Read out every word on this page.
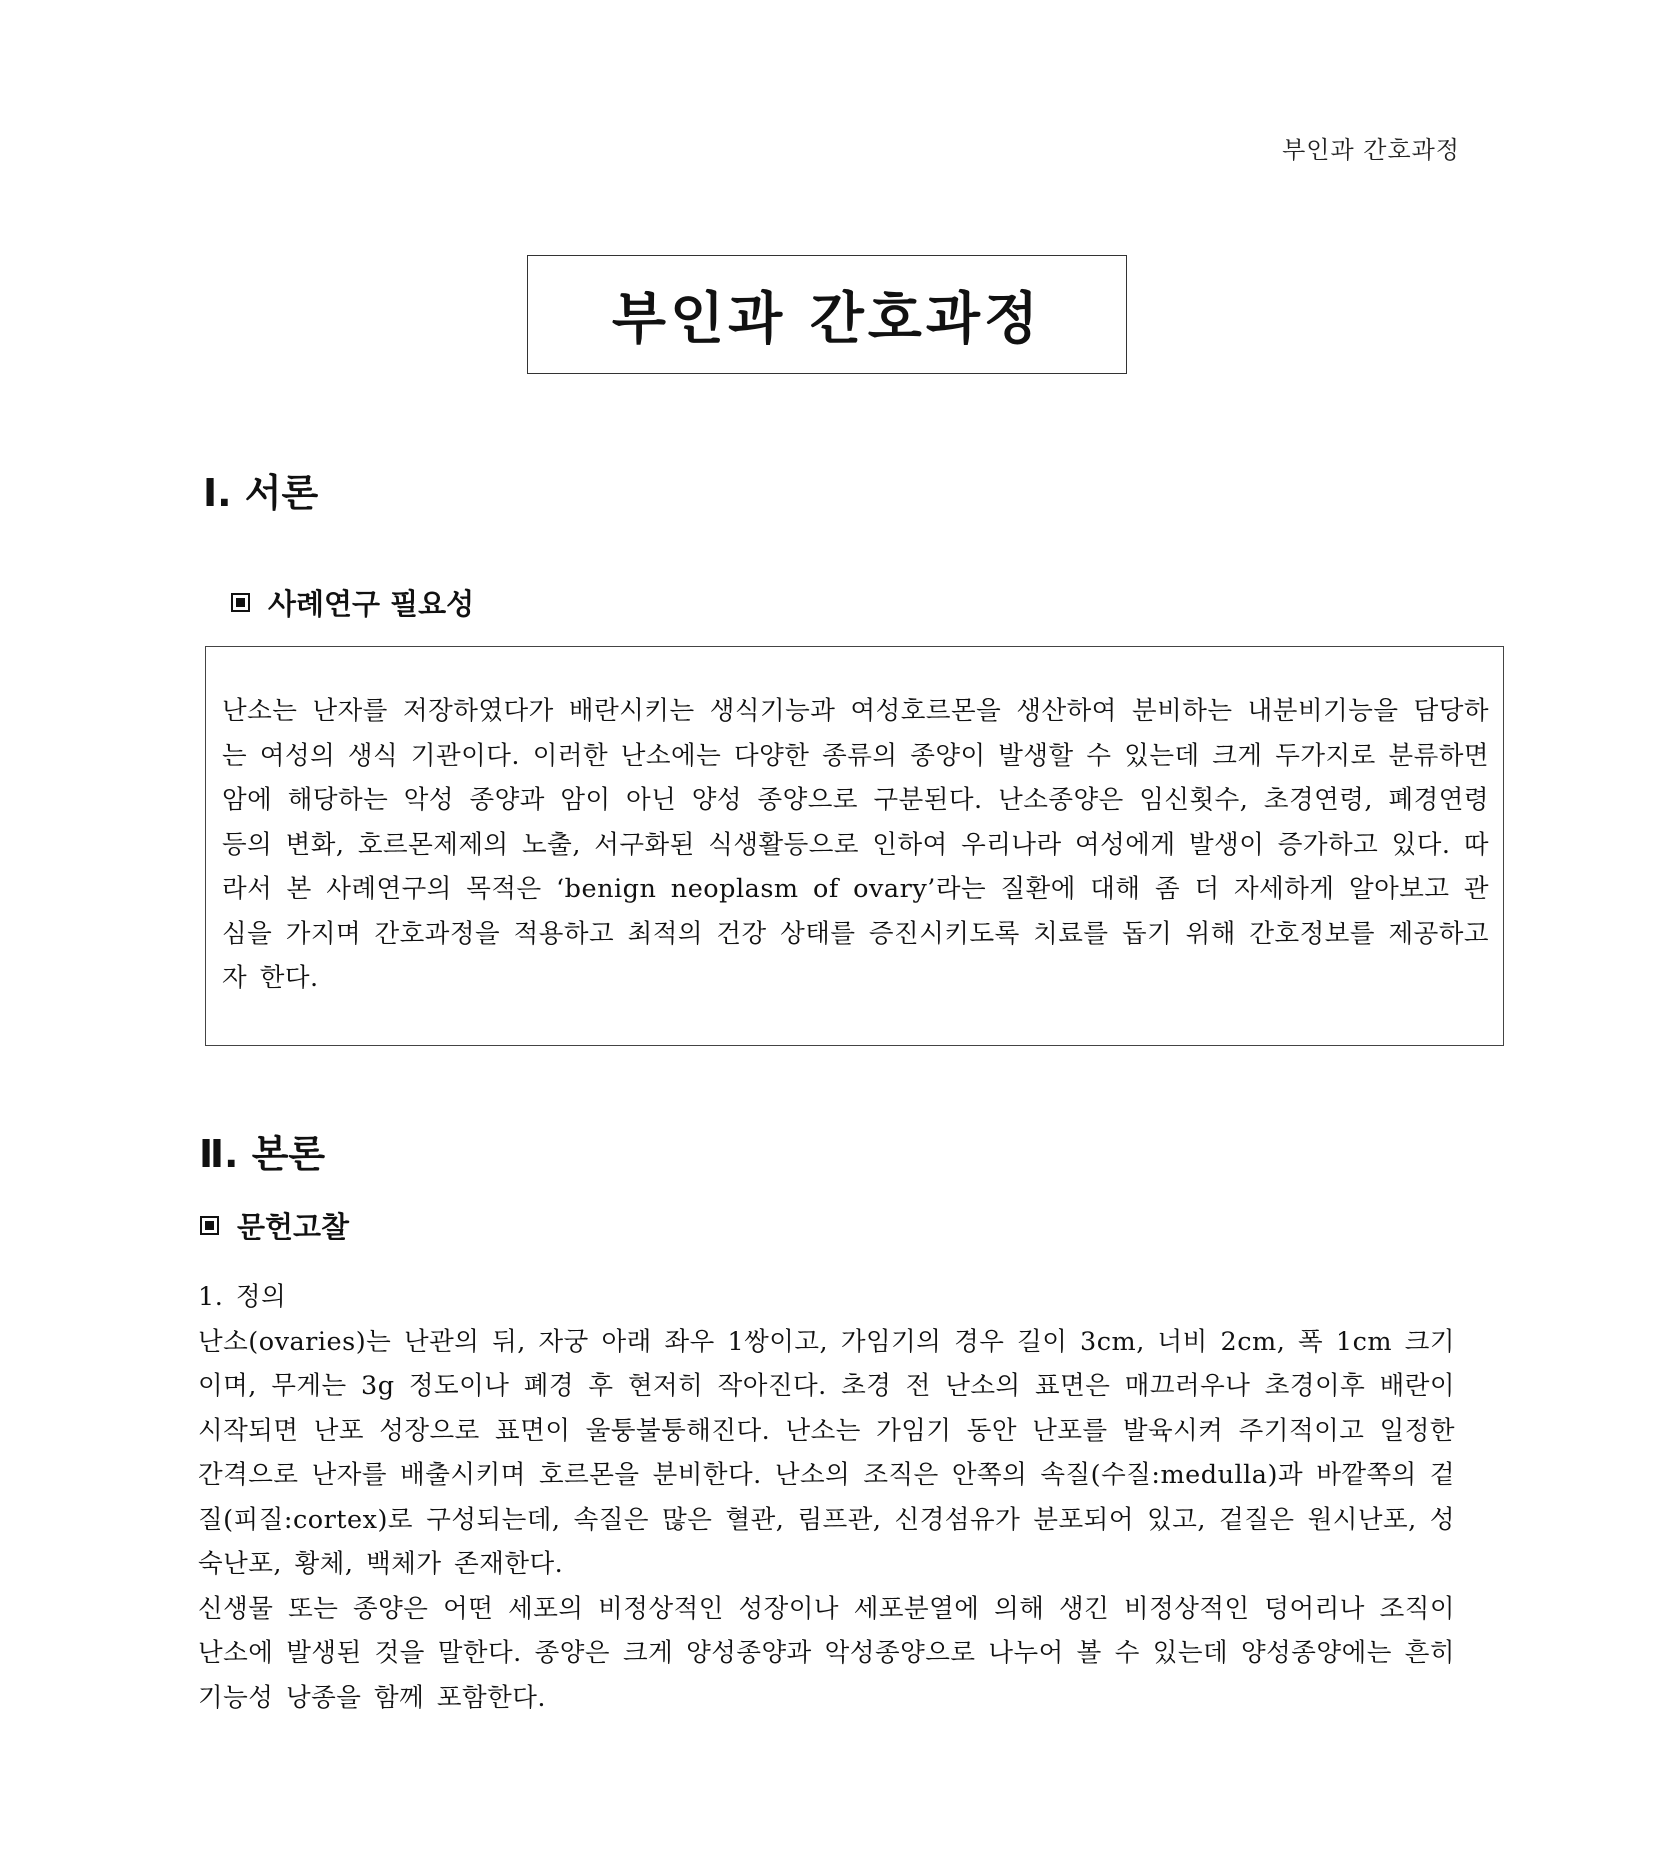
부인과 간호과정
부인과 간호과정
Ⅰ. 서론
사례연구 필요성

난소는 난자를 저장하였다가 배란시키는 생식기능과 여성호르몬을 생산하여 분비하는 내분비기능을 담당하는 여성의 생식 기관이다. 이러한 난소에는 다양한 종류의 종양이 발생할 수 있는데 크게 두가지로 분류하면 암에 해당하는 악성 종양과 암이 아닌 양성 종양으로 구분된다. 난소종양은 임신횟수, 초경연령, 폐경연령 등의 변화, 호르몬제제의 노출, 서구화된 식생활등으로 인하여 우리나라 여성에게 발생이 증가하고 있다. 따라서 본 사례연구의 목적은 ‘benign neoplasm of ovary’라는 질환에 대해 좀 더 자세하게 알아보고 관심을 가지며 간호과정을 적용하고 최적의 건강 상태를 증진시키도록 치료를 돕기 위해 간호정보를 제공하고자 한다.

Ⅱ. 본론
문헌고찰

1. 정의

난소(ovaries)는 난관의 뒤, 자궁 아래 좌우 1쌍이고, 가임기의 경우 길이 3cm, 너비 2cm, 폭 1cm 크기이며, 무게는 3g 정도이나 폐경 후 현저히 작아진다. 초경 전 난소의 표면은 매끄러우나 초경이후 배란이 시작되면 난포 성장으로 표면이 울퉁불퉁해진다. 난소는 가임기 동안 난포를 발육시켜 주기적이고 일정한 간격으로 난자를 배출시키며 호르몬을 분비한다. 난소의 조직은 안쪽의 속질(수질:medulla)과 바깥쪽의 겉질(피질:cortex)로 구성되는데, 속질은 많은 혈관, 림프관, 신경섬유가 분포되어 있고, 겉질은 원시난포, 성숙난포, 황체, 백체가 존재한다.

신생물 또는 종양은 어떤 세포의 비정상적인 성장이나 세포분열에 의해 생긴 비정상적인 덩어리나 조직이 난소에 발생된 것을 말한다. 종양은 크게 양성종양과 악성종양으로 나누어 볼 수 있는데 양성종양에는 흔히 기능성 낭종을 함께 포함한다.
